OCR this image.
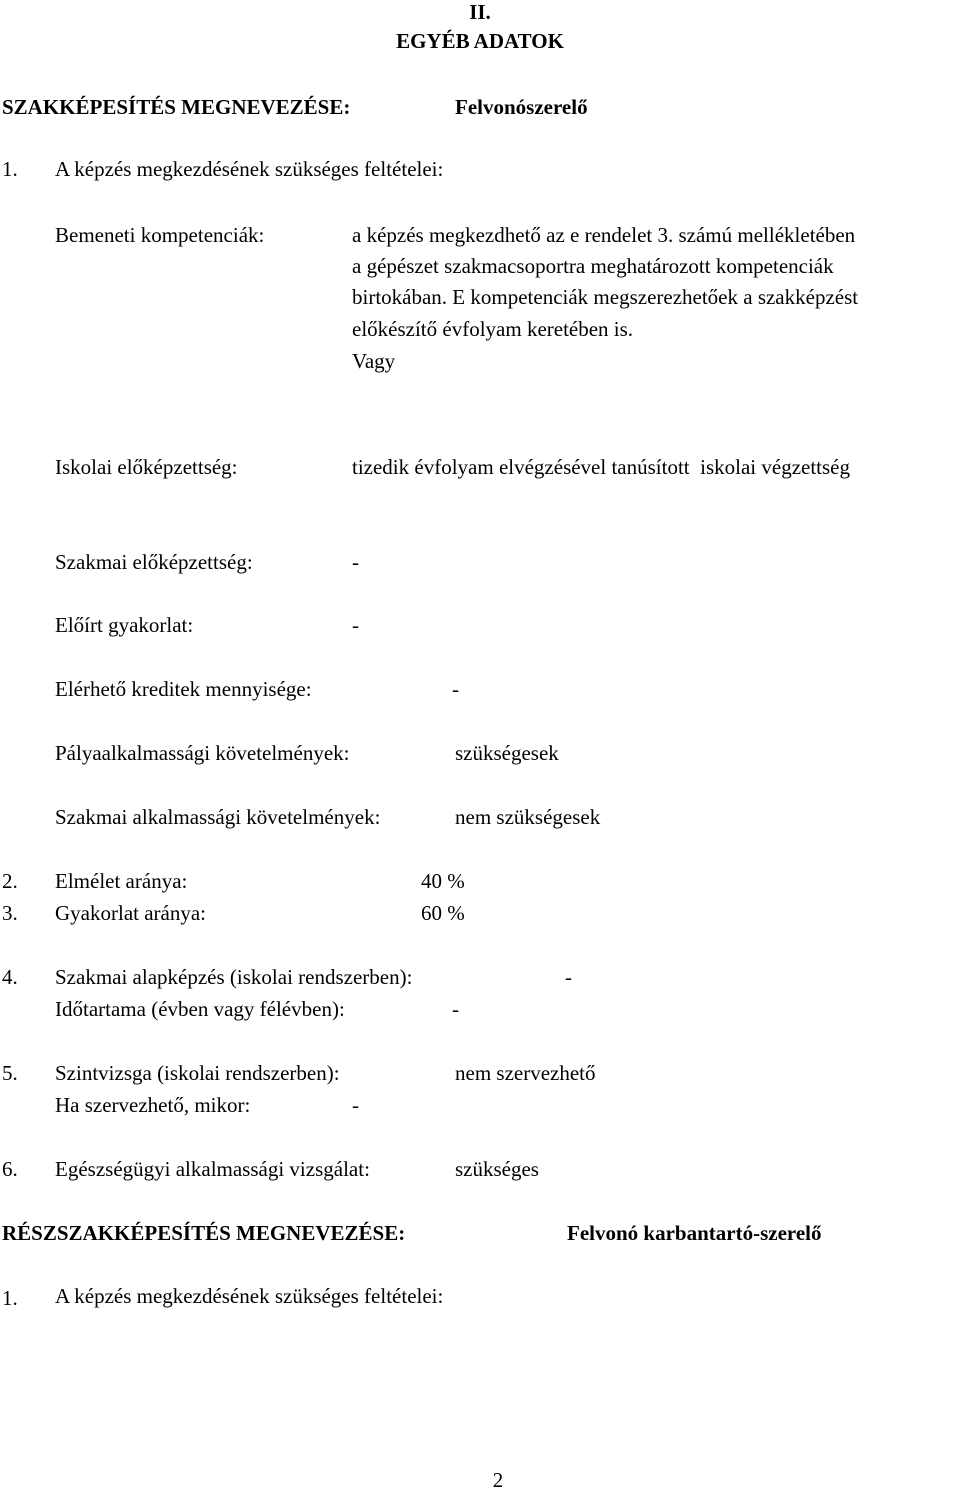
II.
EGYÉB ADATOK
SZAKKÉPESÍTÉS MEGNEVEZÉSE:	Felvonószerelő
1. A képzés megkezdésének szükséges feltételei:
Bemeneti kompetenciák:	a képzés megkezdhető az e rendelet 3. számú mellékletében
a gépészet szakmacsoportra meghatározott kompetenciák
birtokában. E kompetenciák megszerezhetőek a szakképzést
előkészítő évfolyam keretében is.
Vagy
Iskolai előképzettség:	tizedik évfolyam elvégzésével tanúsított  iskolai végzettség
Szakmai előképzettség:	-
Előírt gyakorlat:	-
Elérhető kreditek mennyisége:	-
Pályaalkalmassági követelmények:	szükségesek
Szakmai alkalmassági követelmények:	nem szükségesek
2. Elmélet aránya:	40 %
3. Gyakorlat aránya:	60 %
4. Szakmai alapképzés (iskolai rendszerben):	-
Időtartama (évben vagy félévben):	-
5. Szintvizsga (iskolai rendszerben):	nem szervezhető
Ha szervezhető, mikor:	-
6. Egészségügyi alkalmassági vizsgálat:	szükséges
RÉSZSZAKKÉPESÍTÉS MEGNEVEZÉSE:	Felvonó karbantartó-szerelő
1. A képzés megkezdésének szükséges feltételei:
2
